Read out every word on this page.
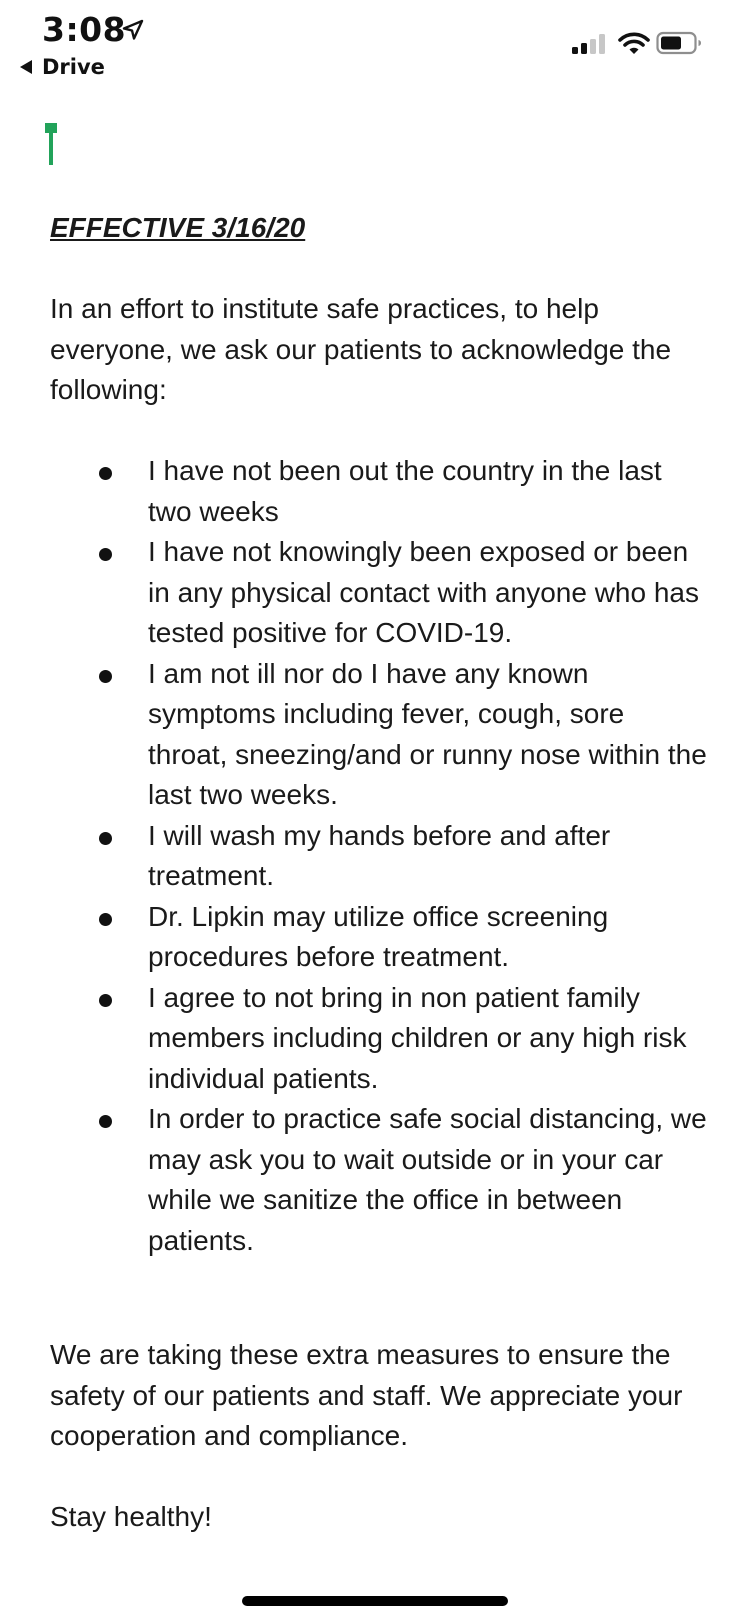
3:08
Drive
EFFECTIVE 3/16/20
In an effort to institute safe practices, to help everyone, we ask our patients to acknowledge the following:
I have not been out the country in the last two weeks
I have not knowingly been exposed or been in any physical contact with anyone who has tested positive for COVID-19.
I am not ill nor do I have any known symptoms including fever, cough, sore throat, sneezing/and or runny nose within the last two weeks.
I will wash my hands before and after treatment.
Dr. Lipkin may utilize office screening procedures before treatment.
I agree to not bring in non patient family members including children or any high risk individual patients.
In order to practice safe social distancing, we may ask you to wait outside or in your car while we sanitize the office in between patients.
We are taking these extra measures to ensure the safety of our patients and staff. We appreciate your cooperation and compliance.
Stay healthy!
